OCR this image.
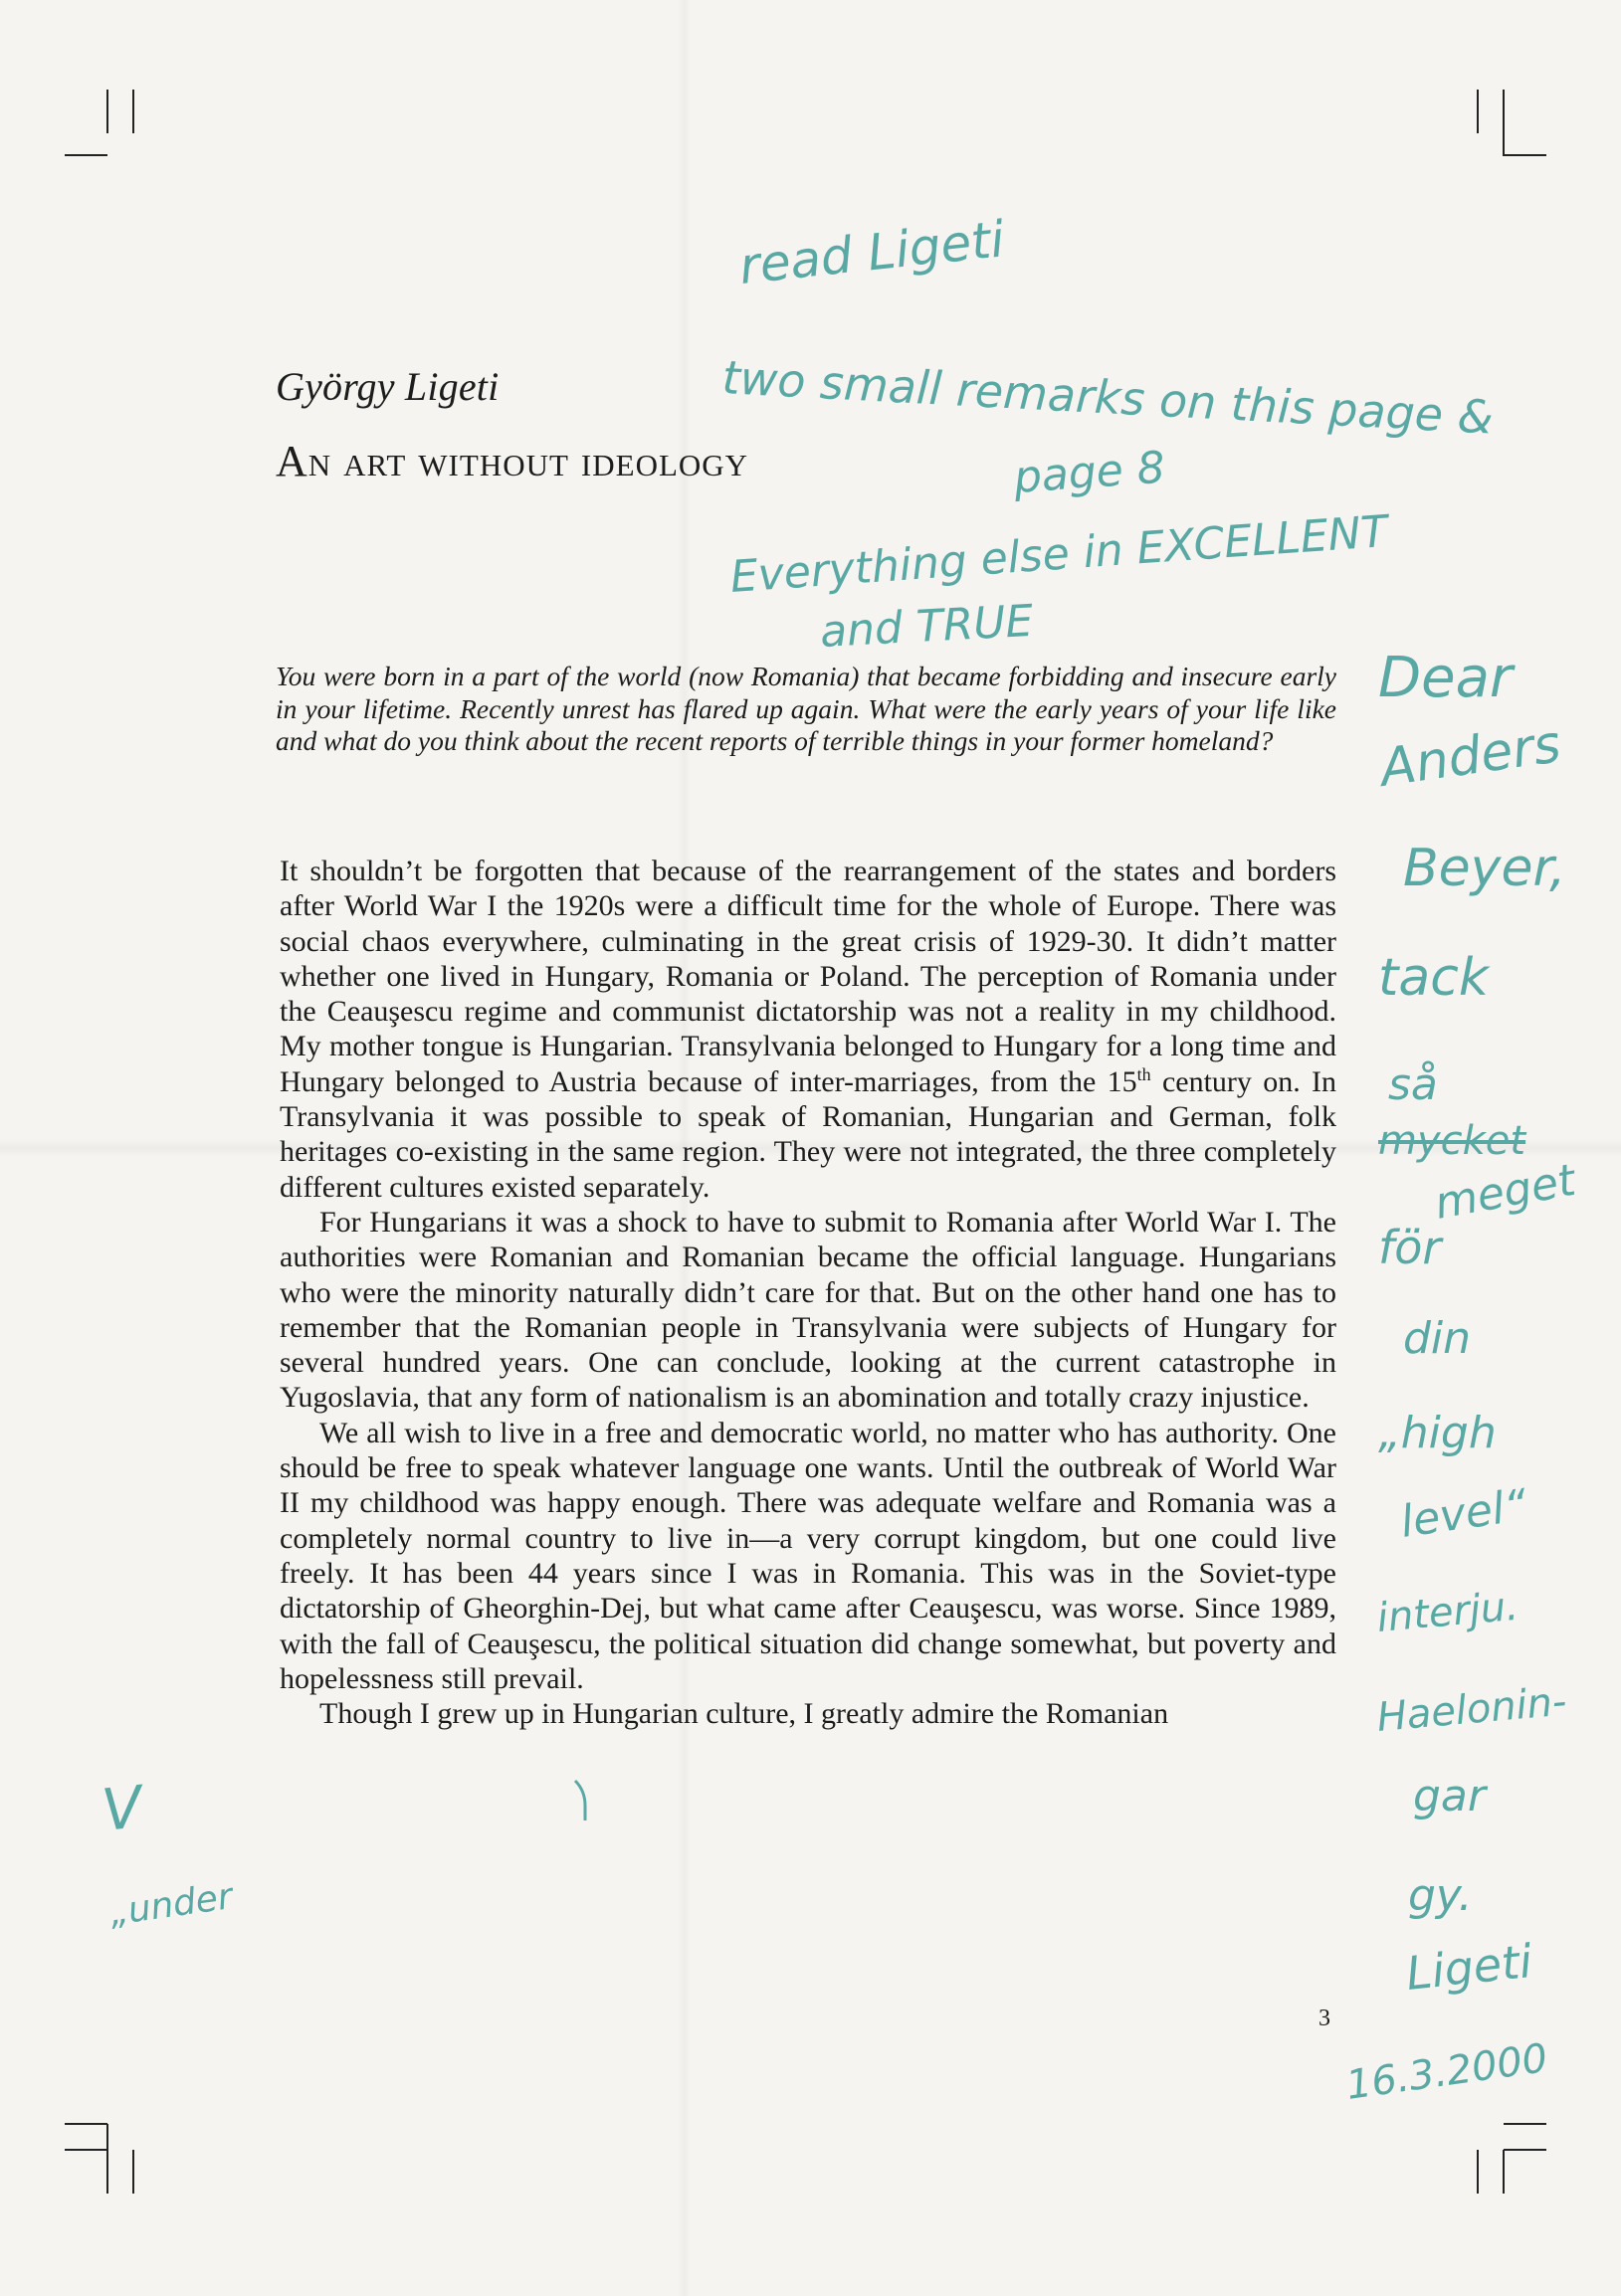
György Ligeti
An art without ideology
You were born in a part of the world (now Romania) that became forbidding and insecure early in your lifetime. Recently unrest has flared up again. What were the early years of your life like and what do you think about the recent reports of terrible things in your former homeland?

It shouldn’t be forgotten that because of the rearrangement of the states and borders after World War I the 1920s were a difficult time for the whole of Europe. There was social chaos everywhere, culminating in the great crisis of 1929-30. It didn’t matter whether one lived in Hungary, Romania or Poland. The perception of Romania under the Ceauşescu regime and communist dictatorship was not a reality in my childhood. My mother tongue is Hungarian. Transylvania belonged to Hungary for a long time and Hungary belonged to Austria because of inter-marriages, from the 15th century on. In Transylvania it was possible to speak of Romanian, Hungarian and German, folk heritages co-existing in the same region. They were not integrated, the three completely different cultures existed separately.

For Hungarians it was a shock to have to submit to Romania after World War I. The authorities were Romanian and Romanian became the official language. Hungarians who were the minority naturally didn’t care for that. But on the other hand one has to remember that the Romanian people in Transylvania were subjects of Hungary for several hundred years. One can conclude, looking at the current catastrophe in Yugoslavia, that any form of nationalism is an abomination and totally crazy injustice.

We all wish to live in a free and democratic world, no matter who has authority. One should be free to speak whatever language one wants. Until the outbreak of World War II my childhood was happy enough. There was adequate welfare and Romania was a completely normal country to live in—a very corrupt kingdom, but one could live freely. It has been 44 years since I was in Romania. This was in the Soviet-type dictatorship of Gheorghin-Dej, but what came after Ceauşescu, was worse. Since 1989, with the fall of Ceauşescu, the political situation did change somewhat, but poverty and hopelessness still prevail.

Though I grew up in Hungarian culture, I greatly admire the Romanian

3
read Ligeti
two small remarks on this page &
page 8
Everything else in EXCELLENT
and TRUE
Dear
Anders
Beyer,
tack
så
mycket
meget
för
din
„high
level“
interju.
Haelonin-
gar
gy.
Ligeti
16.3.2000
V
„under
